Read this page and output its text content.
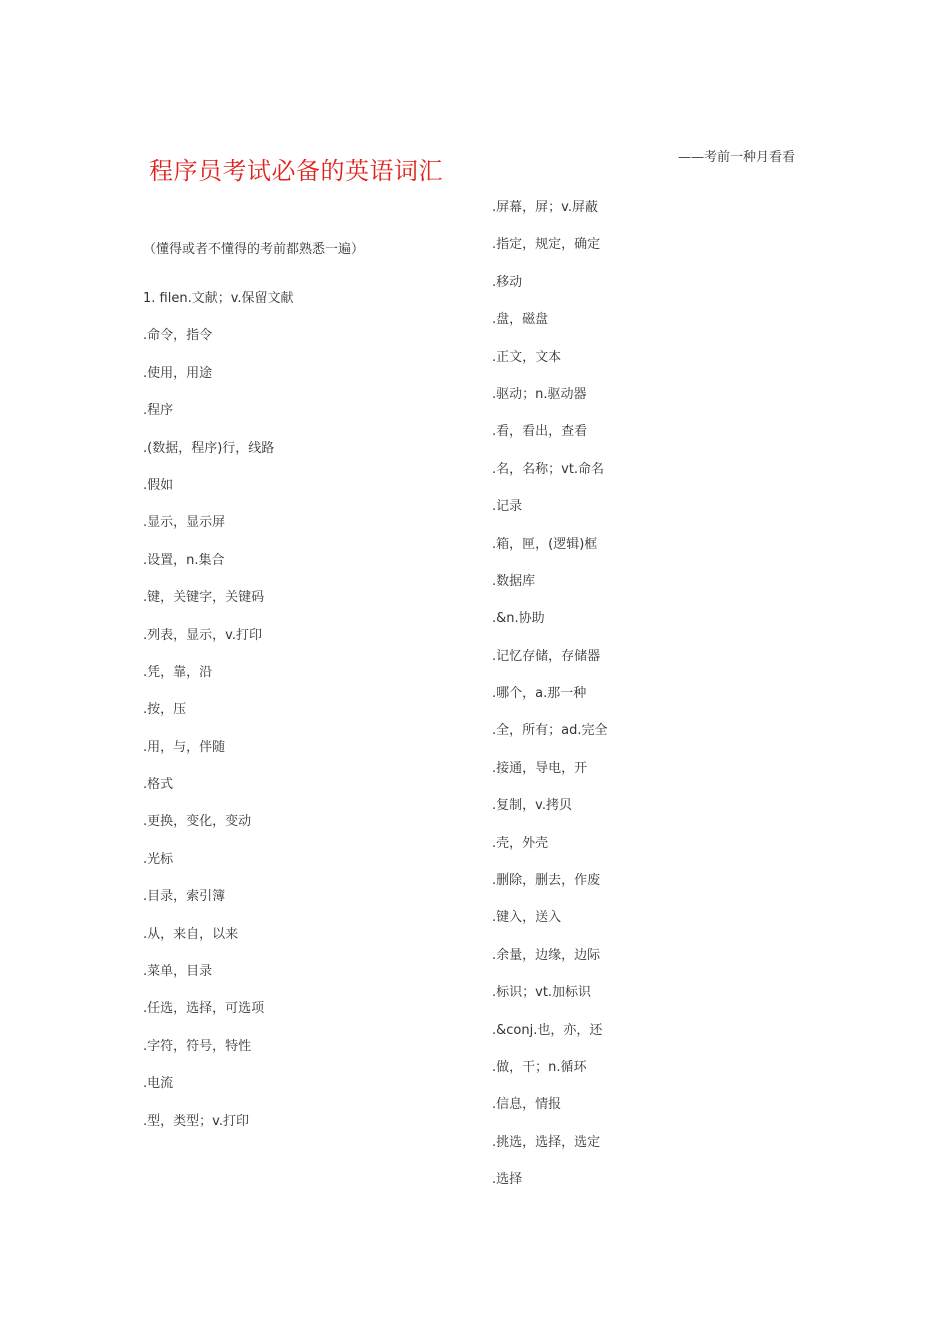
程序员考试必备的英语词汇	——考前一种月看看
（懂得或者不懂得的考前都熟悉一遍）
1. filen.文献；v.保留文献
.命令，指令
.使用，用途
.程序
.(数据，程序)行，线路
.假如
.显示，显示屏
.设置，n.集合
.键，关键字，关键码
.列表，显示，v.打印
.凭，靠，沿
.按，压
.用，与，伴随
.格式
.更换，变化，变动
.光标
.目录，索引簿
.从，来自，以来
.菜单，目录
.任选，选择，可选项
.字符，符号，特性
.电流
.型，类型；v.打印
.屏幕，屏；v.屏蔽
.指定，规定，确定
.移动
.盘，磁盘
.正文，文本
.驱动；n.驱动器
.看，看出，查看
.名，名称；vt.命名
.记录
.箱，匣，(逻辑)框
.数据库
.&n.协助
.记忆存储，存储器
.哪个，a.那一种
.全，所有；ad.完全
.接通，导电，开
.复制，v.拷贝
.壳，外壳
.删除，删去，作废
.键入，送入
.余量，边缘，边际
.标识；vt.加标识
.&conj.也，亦，还
.做，干；n.循环
.信息，情报
.挑选，选择，选定
.选择
